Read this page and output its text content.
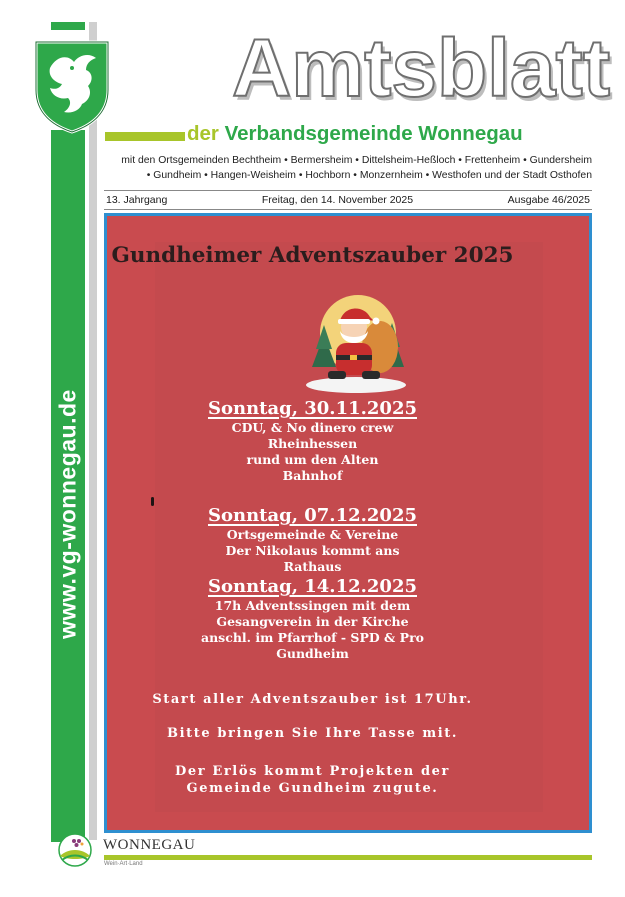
www.vg-wonnegau.de
Amtsblatt
der Verbandsgemeinde Wonnegau
mit den Ortsgemeinden Bechtheim • Bermersheim • Dittelsheim-Heßloch • Frettenheim • Gundersheim
• Gundheim • Hangen-Weisheim • Hochborn • Monzernheim • Westhofen und der Stadt Osthofen
13. Jahrgang	Freitag, den 14. November 2025	Ausgabe 46/2025
Gundheimer Adventszauber 2025
Sonntag, 30.11.2025
CDU, & No dinero crew
Rheinhessen
rund um den Alten
Bahnhof
Sonntag, 07.12.2025
Ortsgemeinde & Vereine
Der Nikolaus kommt ans
Rathaus
Sonntag, 14.12.2025
17h Adventssingen mit dem
Gesangverein in der Kirche
anschl. im Pfarrhof - SPD & Pro
Gundheim
Start aller Adventszauber ist 17Uhr.
Bitte bringen Sie Ihre Tasse mit.
Der Erlös kommt Projekten der
Gemeinde Gundheim zugute.
WONNEGAU
Wein·Art·Land
